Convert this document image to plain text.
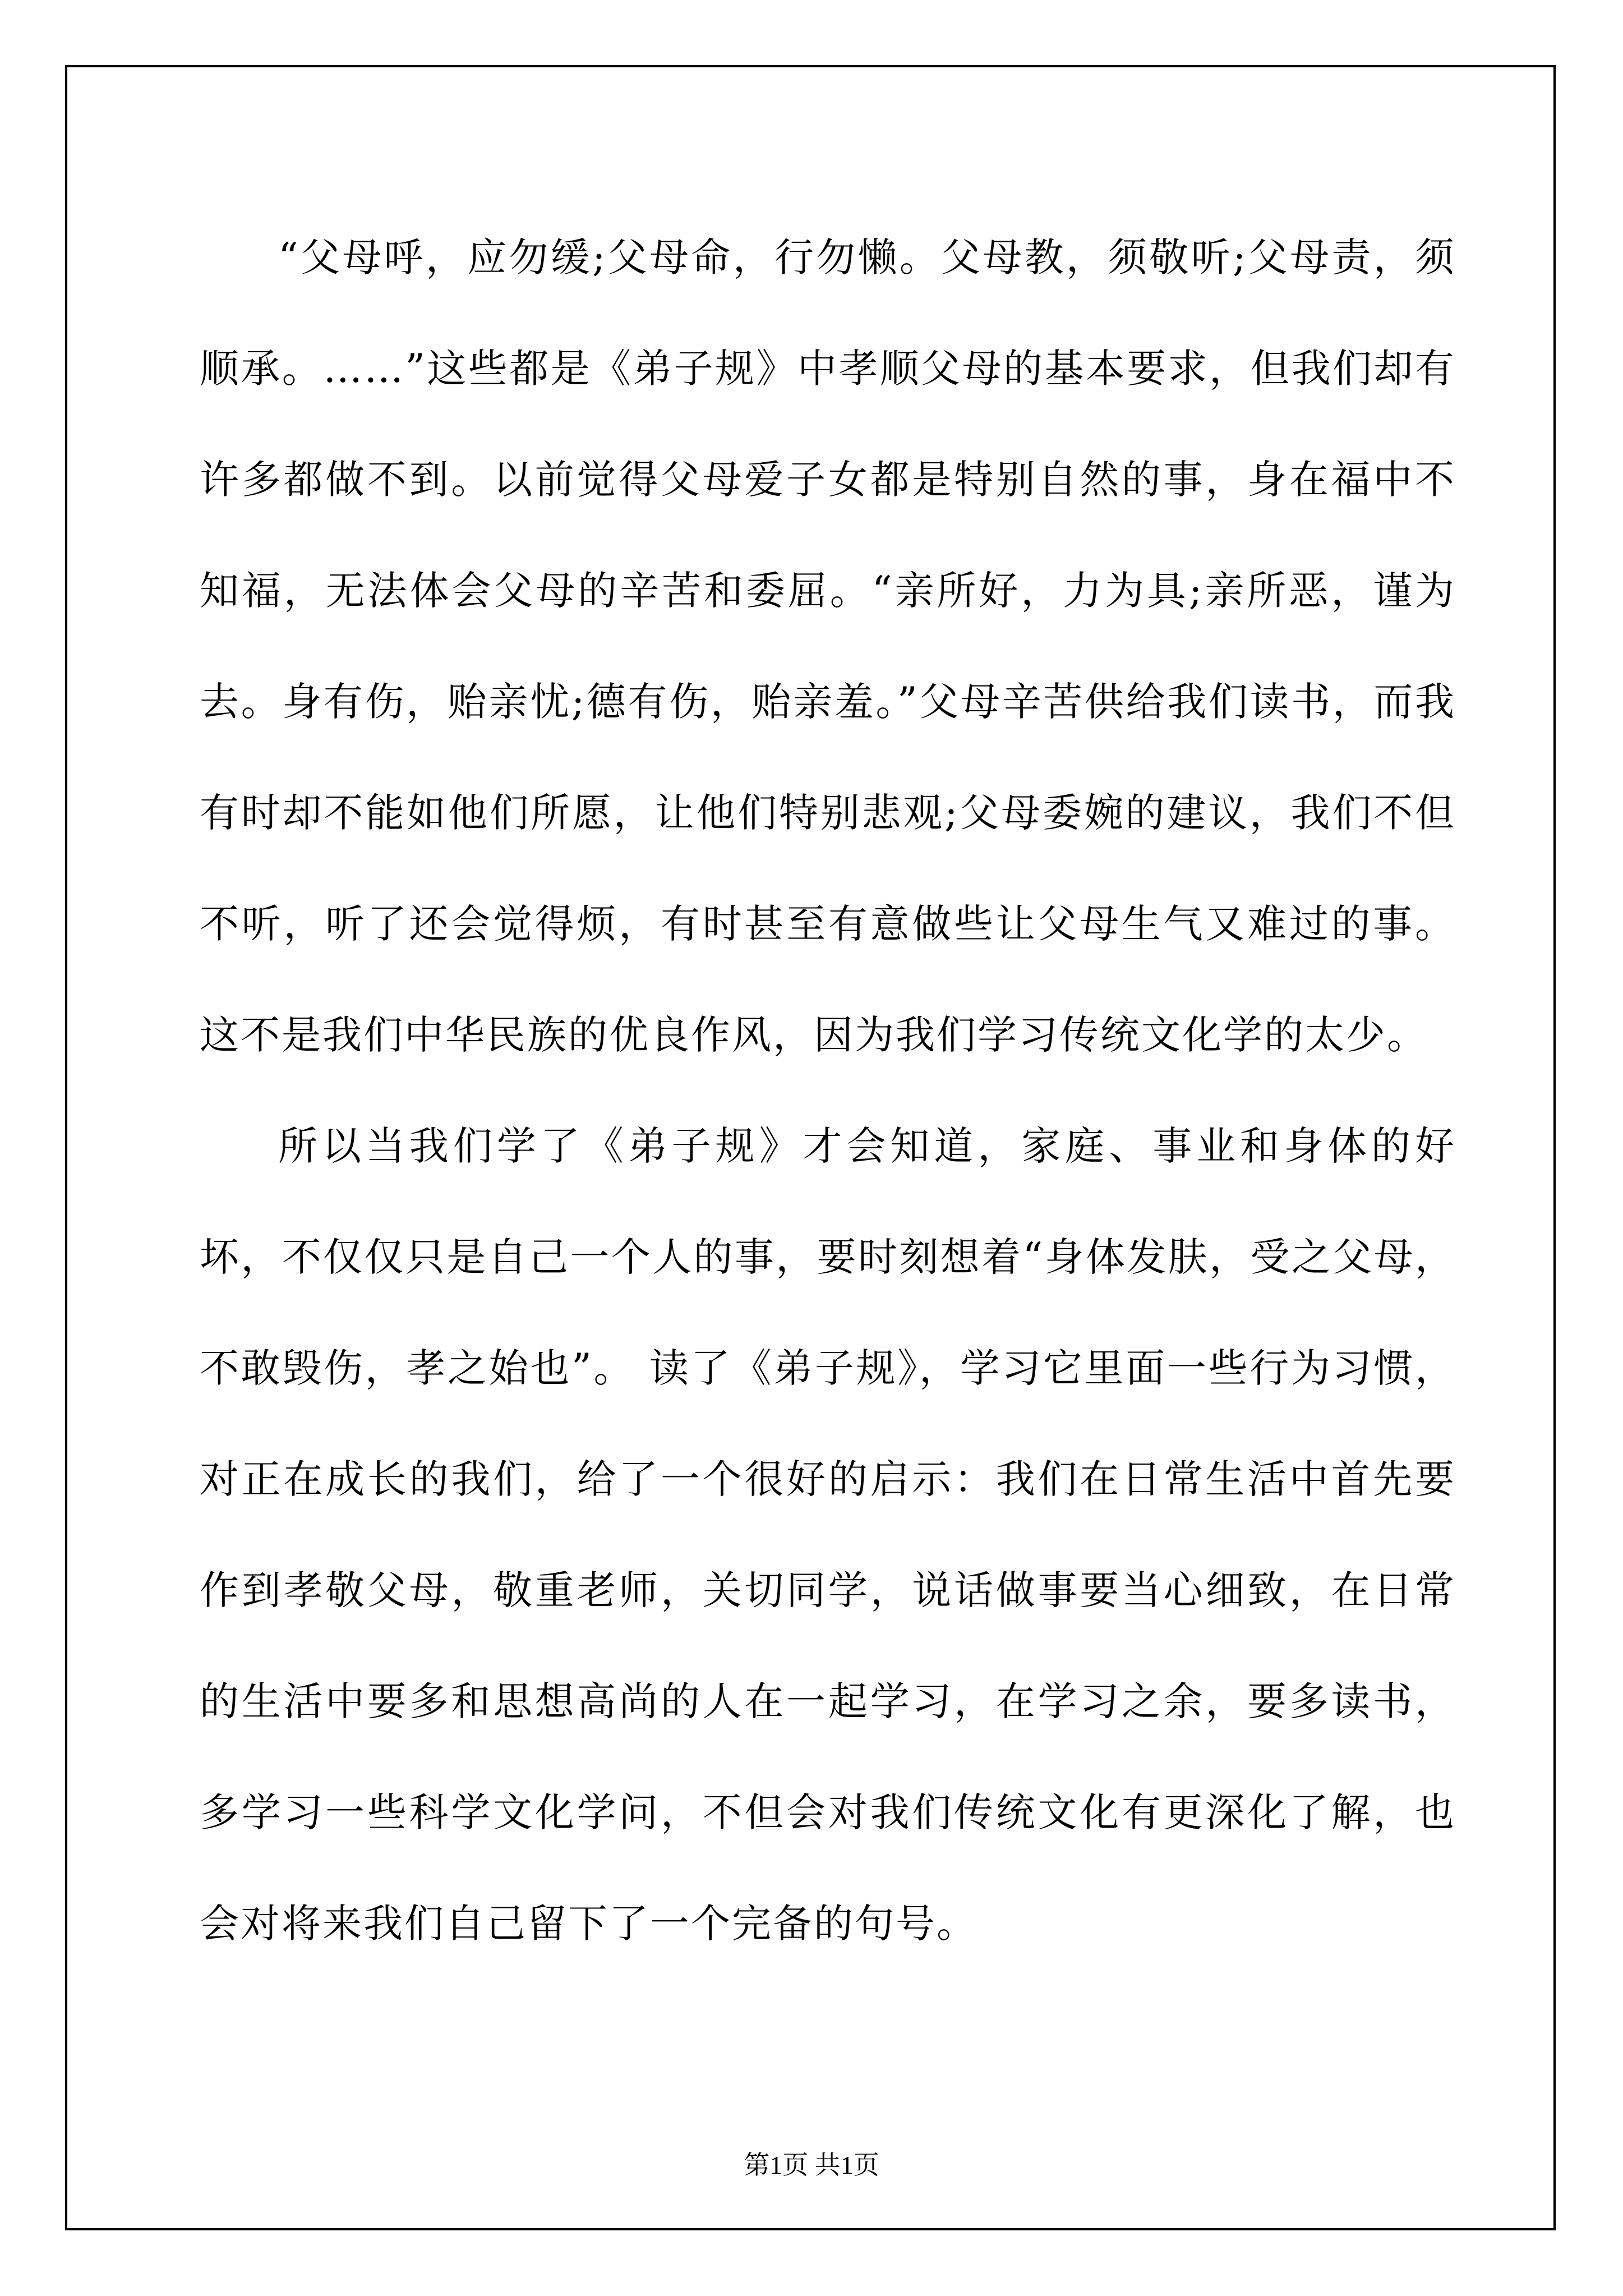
“父母呼，应勿缓;父母命，行勿懒。父母教，须敬听;父母责，须顺承。……”这些都是《弟子规》中孝顺父母的基本要求，但我们却有许多都做不到。以前觉得父母爱子女都是特别自然的事，身在福中不知福，无法体会父母的辛苦和委屈。“亲所好，力为具;亲所恶，谨为去。身有伤，贻亲忧;德有伤，贻亲羞。”父母辛苦供给我们读书，而我有时却不能如他们所愿，让他们特别悲观;父母委婉的建议，我们不但不听，听了还会觉得烦，有时甚至有意做些让父母生气又难过的事。这不是我们中华民族的优良作风，因为我们学习传统文化学的太少。

所以当我们学了《弟子规》才会知道，家庭、事业和身体的好坏，不仅仅只是自己一个人的事，要时刻想着“身体发肤，受之父母，不敢毁伤，孝之始也”。 读了《弟子规》，学习它里面一些行为习惯，对正在成长的我们，给了一个很好的启示：我们在日常生活中首先要作到孝敬父母，敬重老师，关切同学，说话做事要当心细致，在日常的生活中要多和思想高尚的人在一起学习，在学习之余，要多读书，多学习一些科学文化学问，不但会对我们传统文化有更深化了解，也会对将来我们自己留下了一个完备的句号。

第1页 共1页
